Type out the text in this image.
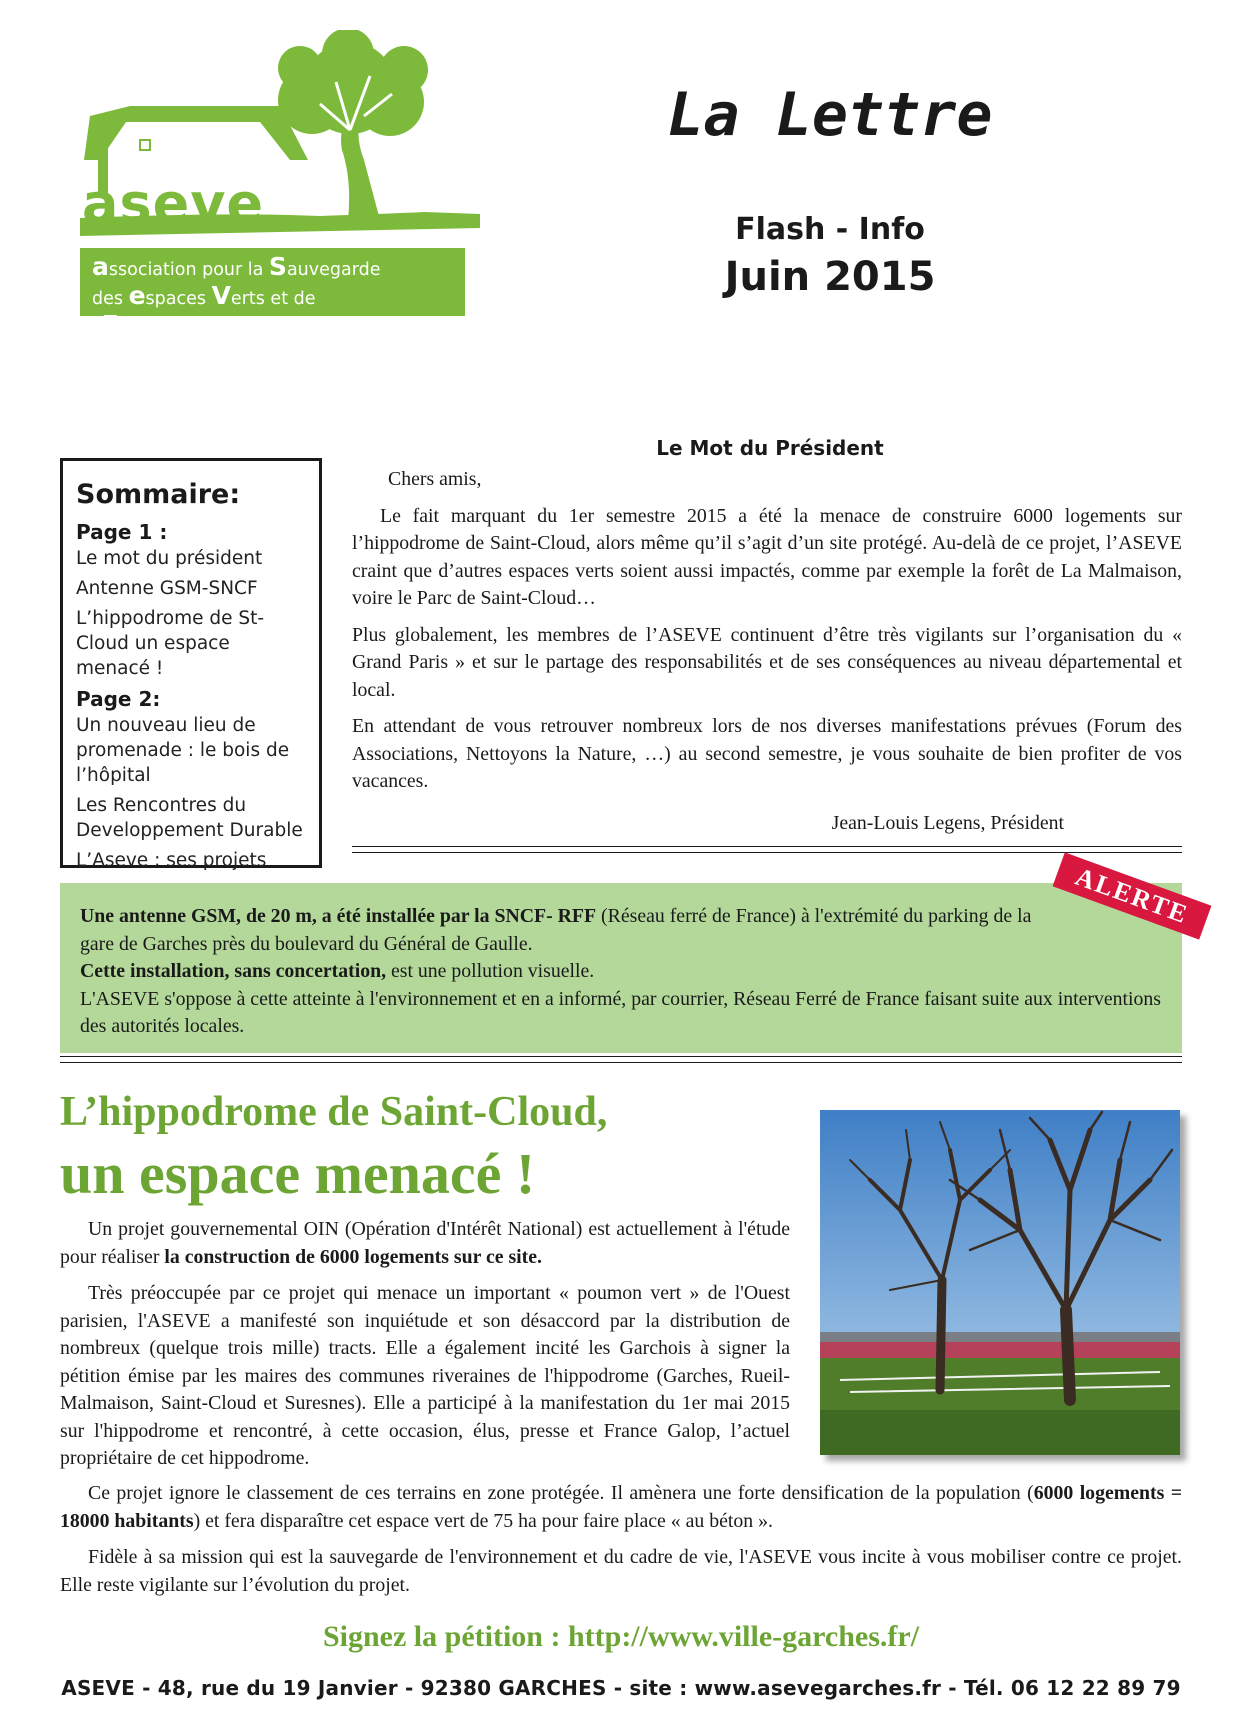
aseve
association pour la Sauvegarde
des espaces Verts et de l'Environnement
La Lettre
Flash - Info
Juin 2015
Sommaire:
Page 1 :
Le mot du président
Antenne GSM-SNCF
L’hippodrome de St-Cloud un espace menacé !
Page 2:
Un nouveau lieu de promenade : le bois de l’hôpital
Les Rencontres du Developpement Durable
L’Aseve : ses projets
Le Mot du Président

Chers amis,

Le fait marquant du 1er semestre 2015 a été la menace de construire 6000 logements sur l’hippodrome de Saint-Cloud, alors même qu’il s’agit d’un site protégé. Au-delà de ce projet, l’ASEVE craint que d’autres espaces verts soient aussi impactés, comme par exemple la forêt de La Malmaison, voire le Parc de Saint-Cloud…

Plus globalement, les membres de l’ASEVE continuent d’être très vigilants sur l’organisation du « Grand Paris » et sur le partage des responsabilités et de ses conséquences au niveau départemental et local.

En attendant de vous retrouver nombreux lors de nos diverses manifestations prévues (Forum des Associations, Nettoyons la Nature, …) au second semestre, je vous souhaite de bien profiter de vos vacances.

Jean-Louis Legens, Président

Une antenne GSM, de 20 m, a été installée par la SNCF- RFF (Réseau ferré de France) à l'extrémité du parking de la gare de Garches près du boulevard du Général de Gaulle.
Cette installation, sans concertation, est une pollution visuelle.
L'ASEVE s'oppose à cette atteinte à l'environnement et en a informé, par courrier, Réseau Ferré de France faisant suite aux interventions des autorités locales.
ALERTE
L’hippodrome de Saint-Cloud,
un espace menacé !

Un projet gouvernemental OIN (Opération d'Intérêt National) est actuellement à l'étude pour réaliser la construction de 6000 logements sur ce site.

Très préoccupée par ce projet qui menace un important « poumon vert » de l'Ouest parisien, l'ASEVE a manifesté son inquiétude et son désaccord par la distribution de nombreux (quelque trois mille) tracts. Elle a également incité les Garchois à signer la pétition émise par les maires des communes riveraines de l'hippodrome (Garches, Rueil-Malmaison, Saint-Cloud et Suresnes). Elle a participé à la manifestation du 1er mai 2015 sur l'hippodrome et rencontré, à cette occasion, élus, presse et France Galop, l’actuel propriétaire de cet hippodrome.

Ce projet ignore le classement de ces terrains en zone protégée. Il amènera une forte densification de la population (6000 logements = 18000 habitants) et fera disparaître cet espace vert de 75 ha pour faire place « au béton ».

Fidèle à sa mission qui est la sauvegarde de l'environnement et du cadre de vie, l'ASEVE vous incite à vous mobiliser contre ce projet. Elle reste vigilante sur l’évolution du projet.

Signez la pétition : http://www.ville-garches.fr/
ASEVE - 48, rue du 19 Janvier - 92380 GARCHES - site : www.asevegarches.fr - Tél. 06 12 22 89 79
